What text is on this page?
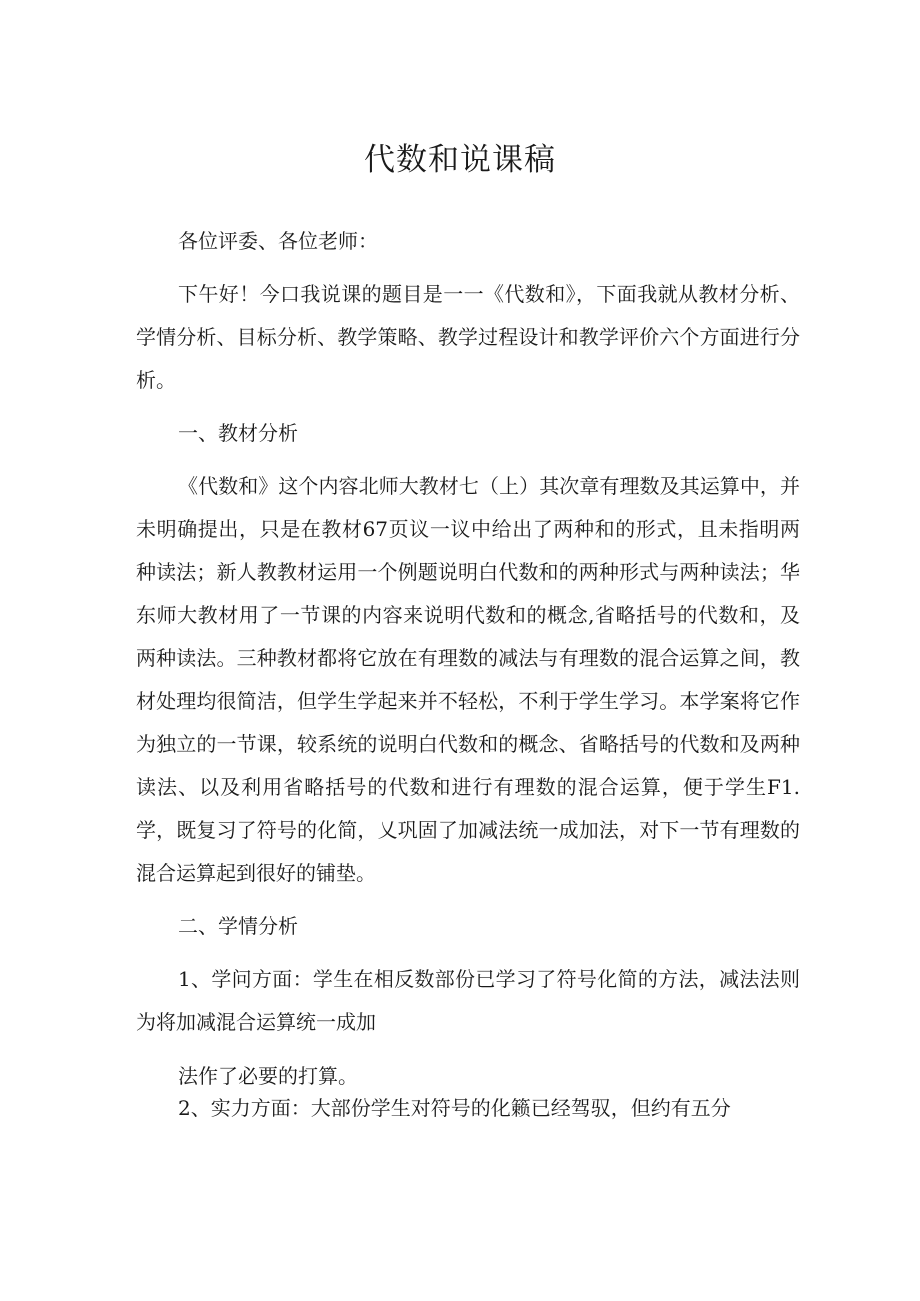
代数和说课稿

各位评委、各位老师：

下午好！今口我说课的题目是一一《代数和》，下面我就从教材分析、学情分析、目标分析、教学策略、教学过程设计和教学评价六个方面进行分析。

一、教材分析

《代数和》这个内容北师大教材七（上）其次章有理数及其运算中，并未明确提出，只是在教材67页议一议中给出了两种和的形式，且未指明两种读法；新人教教材运用一个例题说明白代数和的两种形式与两种读法；华东师大教材用了一节课的内容来说明代数和的概念,省略括号的代数和，及两种读法。三种教材都将它放在有理数的减法与有理数的混合运算之间，教材处理均很简洁，但学生学起来并不轻松，不利于学生学习。本学案将它作为独立的一节课，较系统的说明白代数和的概念、省略括号的代数和及两种读法、以及利用省略括号的代数和进行有理数的混合运算，便于学生F1.学，既复习了符号的化简，乂巩固了加减法统一成加法，对下一节有理数的混合运算起到很好的铺垫。

二、学情分析

1、学问方面：学生在相反数部份已学习了符号化简的方法，减法法则为将加减混合运算统一成加

法作了必要的打算。

2、实力方面：大部份学生对符号的化籁已经驾驭，但约有五分
